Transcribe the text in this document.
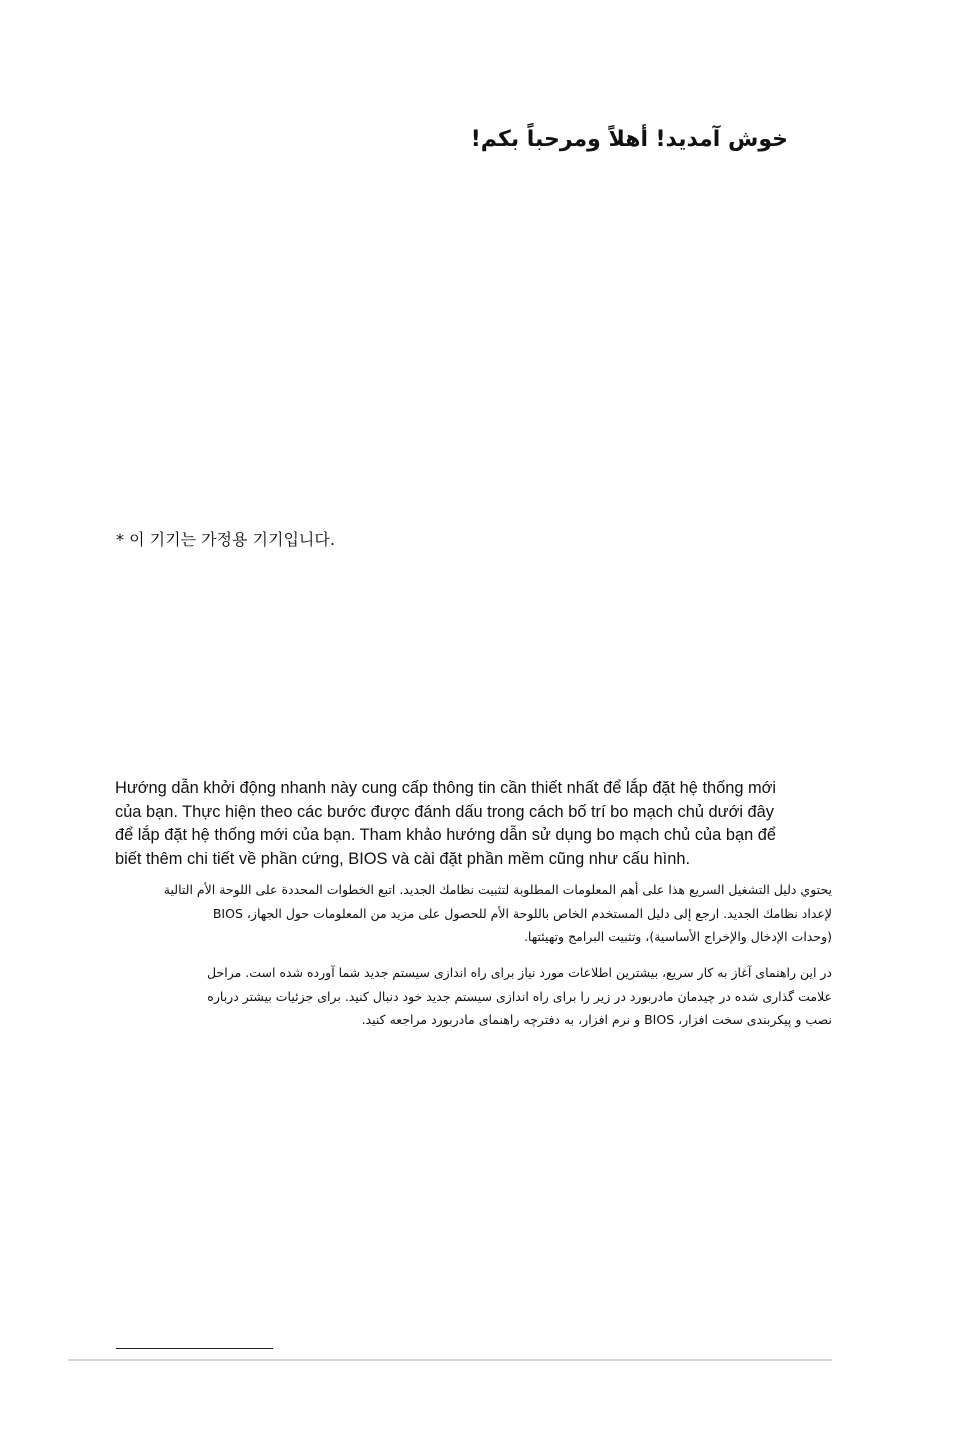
خوش آمدید!
أهلاً ومرحباً بكم!
* 이 기기는 가정용 기기입니다.

Hướng dẫn khởi động nhanh này cung cấp thông tin cần thiết nhất để lắp đặt hệ thống mới
của bạn. Thực hiện theo các bước được đánh dấu trong cách bố trí bo mạch chủ dưới đây
để lắp đặt hệ thống mới của bạn. Tham khảo hướng dẫn sử dụng bo mạch chủ của bạn để
biết thêm chi tiết về phần cứng, BIOS và cài đặt phần mềm cũng như cấu hình.

يحتوي دليل التشغيل السريع هذا على أهم المعلومات المطلوبة لتثبيت نظامك الجديد. اتبع الخطوات المحددة على اللوحة الأم التالية
لإعداد نظامك الجديد. ارجع إلى دليل المستخدم الخاص باللوحة الأم للحصول على مزيد من المعلومات حول الجهاز، BIOS
(وحدات الإدخال والإخراج الأساسية)، وتثبيت البرامج وتهيئتها.

در این راهنمای آغاز به کار سریع، بیشترین اطلاعات مورد نیاز برای راه اندازی سیستم جدید شما آورده شده است. مراحل
علامت گذاری شده در چیدمان مادربورد در زیر را برای راه اندازی سیستم جدید خود دنبال کنید. برای جزئیات بیشتر درباره
نصب و پیکربندی سخت افزار، BIOS و نرم افزار، به دفترچه راهنمای مادربورد مراجعه کنید.
